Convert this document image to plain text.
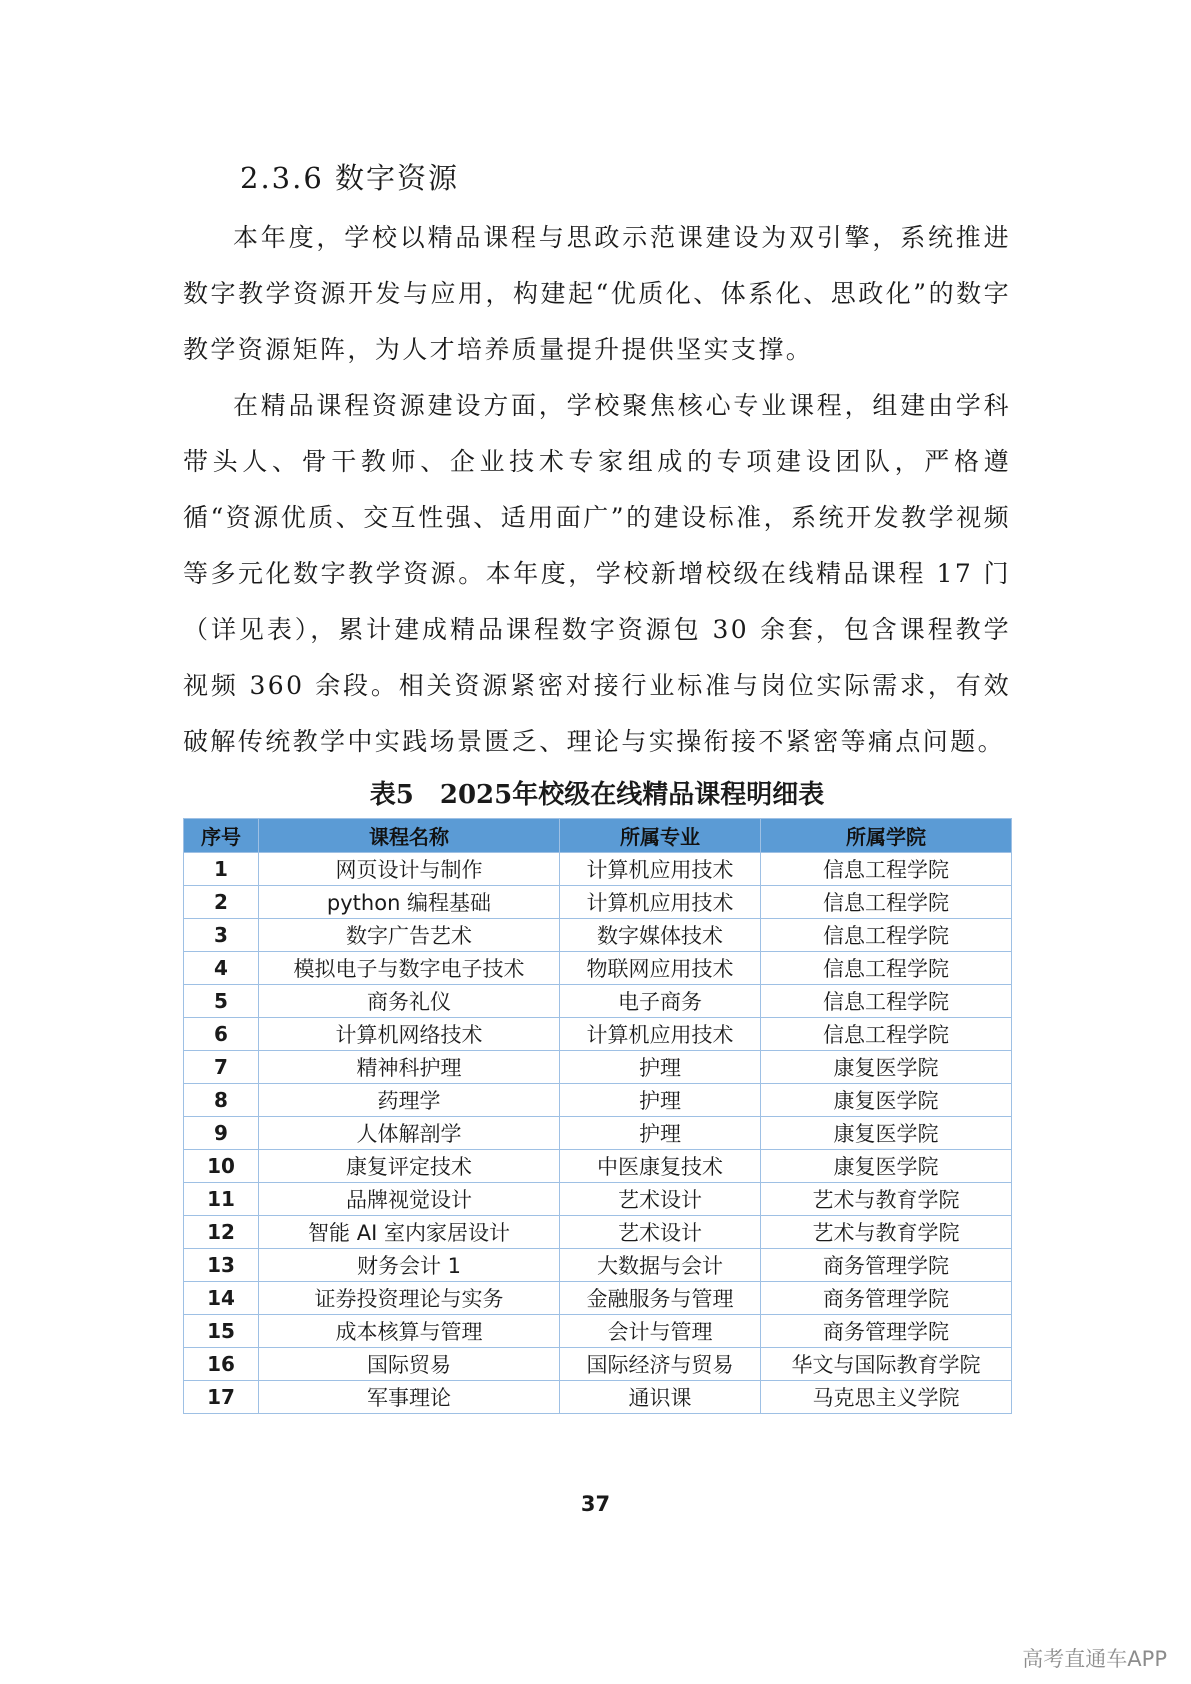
2.3.6 数字资源

本年度，学校以精品课程与思政示范课建设为双引擎，系统推进数字教学资源开发与应用，构建起“优质化、体系化、思政化”的数字教学资源矩阵，为人才培养质量提升提供坚实支撑。

在精品课程资源建设方面，学校聚焦核心专业课程，组建由学科带头人、骨干教师、企业技术专家组成的专项建设团队，严格遵循“资源优质、交互性强、适用面广”的建设标准，系统开发教学视频等多元化数字教学资源。本年度，学校新增校级在线精品课程 17 门（详见表），累计建成精品课程数字资源包 30 余套，包含课程教学视频 360 余段。相关资源紧密对接行业标准与岗位实际需求，有效破解传统教学中实践场景匮乏、理论与实操衔接不紧密等痛点问题。

表5 2025年校级在线精品课程明细表
序号	课程名称	所属专业	所属学院
1	网页设计与制作	计算机应用技术	信息工程学院
2	python 编程基础	计算机应用技术	信息工程学院
3	数字广告艺术	数字媒体技术	信息工程学院
4	模拟电子与数字电子技术	物联网应用技术	信息工程学院
5	商务礼仪	电子商务	信息工程学院
6	计算机网络技术	计算机应用技术	信息工程学院
7	精神科护理	护理	康复医学院
8	药理学	护理	康复医学院
9	人体解剖学	护理	康复医学院
10	康复评定技术	中医康复技术	康复医学院
11	品牌视觉设计	艺术设计	艺术与教育学院
12	智能 AI 室内家居设计	艺术设计	艺术与教育学院
13	财务会计 1	大数据与会计	商务管理学院
14	证券投资理论与实务	金融服务与管理	商务管理学院
15	成本核算与管理	会计与管理	商务管理学院
16	国际贸易	国际经济与贸易	华文与国际教育学院
17	军事理论	通识课	马克思主义学院
37
高考直通车APP
